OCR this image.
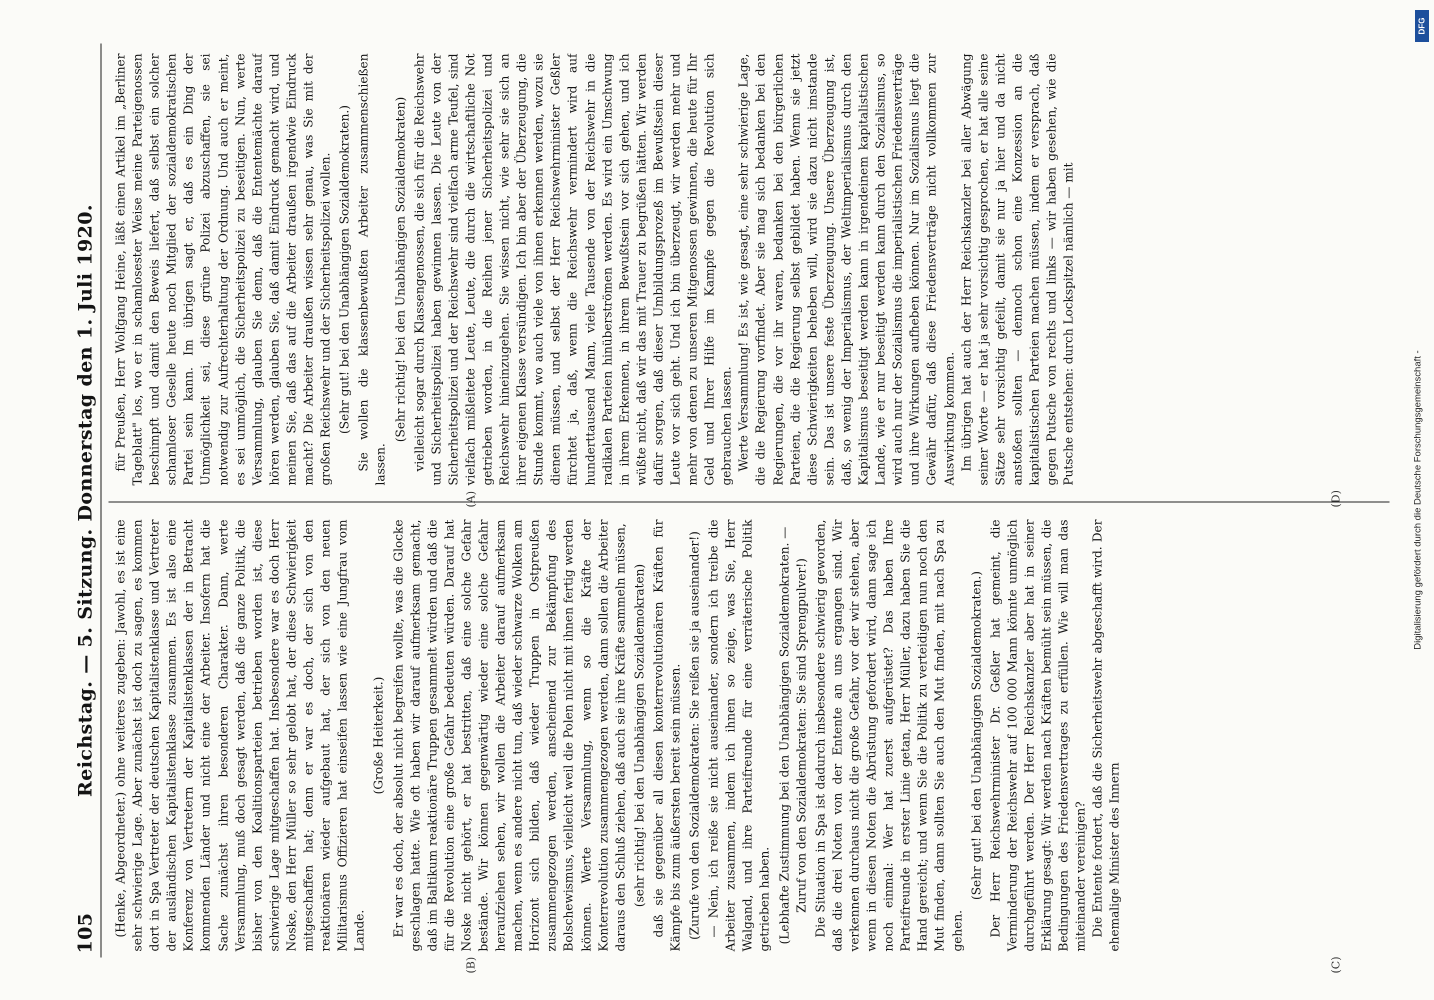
105
Reichstag. — 5. Sitzung. Donnerstag den 1. Juli 1920. (Henke, Abgeordneter.) ohne weiteres zugeben: Jawohl, es ist eine sehr schwierige Lage. Aber zunächst ist doch zu sagen, es kommen dort in Spa Vertreter der deutschen Kapitalistenklasse und Vertreter der ausländischen Kapitalistenklasse zusammen. Es ist also eine Konferenz von Vertretern der Kapitalistenklassen der in Betracht kommenden Länder und nicht eine der Arbeiter. Insofern hat die Sache zunächst ihren besonderen Charakter. Dann, werte Versammlung, muß doch gesagt werden, daß die ganze Politik, die bisher von den Koalitionsparteien betrieben worden ist, diese schwierige Lage mitgeschaffen hat. Insbesondere war es doch Herr Noske, den Herr Müller so sehr gelobt hat, der diese Schwierigkeit mitgeschaffen hat; denn er war es doch, der sich von den reaktionären wieder aufgebaut hat, der sich von den neuen Militarismus Offizieren hat einseifen lassen wie eine Jungfrau vom Lande.

(Große Heiterkeit.) Er war es doch, der absolut nicht begreifen wollte, was die Glocke geschlagen hatte. Wie oft haben wir darauf aufmerksam gemacht, daß im Baltikum reaktionäre Truppen gesammelt würden und daß die für die Revolution eine große Gefahr bedeuten würden. Darauf hat Noske nicht gehört, er hat bestritten, daß eine solche Gefahr bestände. Wir können gegenwärtig wieder eine solche Gefahr heraufziehen sehen, wir wollen die Arbeiter darauf aufmerksam machen, wenn es andere nicht tun, daß wieder schwarze Wolken am Horizont sich bilden, daß wieder Truppen in Ostpreußen zusammengezogen werden, anscheinend zur Bekämpfung des Bolschewismus, vielleicht weil die Polen nicht mit ihnen fertig werden können. Werte Versammlung, wenn so die Kräfte der Konterrevolution zusammengezogen werden, dann sollen die Arbeiter daraus den Schluß ziehen, daß auch sie ihre Kräfte sammeln müssen, (sehr richtig! bei den Unabhängigen Sozialdemokraten) daß sie gegenüber all diesen konterrevolutionären Kräften für Kämpfe bis zum äußersten bereit sein müssen. (Zurufe von den Sozialdemokraten: Sie reißen sie ja auseinander!) — Nein, ich reiße sie nicht auseinander, sondern ich treibe die Arbeiter zusammen, indem ich ihnen so zeige, was Sie, Herr Walgand, und ihre Parteifreunde für eine verräterische Politik getrieben haben. (Lebhafte Zustimmung bei den Unabhängigen Sozialdemokraten. — Zuruf von den Sozialdemokraten: Sie sind Sprengpulver!) Die Situation in Spa ist dadurch insbesondere schwierig geworden, daß die drei Noten von der Entente an uns ergangen sind. Wir verkennen durchaus nicht die große Gefahr, vor der wir stehen, aber wenn in diesen Noten die Abrüstung gefordert wird, dann sage ich noch einmal: Wer hat zuerst aufgerüstet? Das haben Ihre Parteifreunde in erster Linie getan, Herr Müller, dazu haben Sie die Hand gereicht; und wenn Sie die Politik zu verteidigen nun noch den Mut finden, dann sollten Sie auch den Mut finden, mit nach Spa zu gehen.

(Sehr gut! bei den Unabhängigen Sozialdemokraten.) Der Herr Reichswehrminister Dr. Geßler hat gemeint, die Verminderung der Reichswehr auf 100 000 Mann könnte unmöglich durchgeführt werden. Der Herr Reichskanzler aber hat in seiner Erklärung gesagt: Wir werden nach Kräften bemüht sein müssen, die Bedingungen des Friedensvertrages zu erfüllen. Wie will man das miteinander vereinigen? Die Entente fordert, daß die Sicherheitswehr abgeschafft wird. Der ehemalige Minister des Innern

für Preußen, Herr Wolfgang Heine, läßt einen Artikel im „Berliner Tageblatt" los, wo er in schamlosester Weise meine Parteigenossen beschimpft und damit den Beweis liefert, daß selbst ein solcher schamloser Geselle heute noch Mitglied der sozialdemokratischen Partei sein kann. Im übrigen sagt er, daß es ein Ding der Unmöglichkeit sei, diese grüne Polizei abzuschaffen, sie sei notwendig zur Aufrechterhaltung der Ordnung. Und auch er meint, es sei unmöglich, die Sicherheitspolizei zu beseitigen. Nun, werte Versammlung, glauben Sie denn, daß die Ententemächte darauf hören werden, glauben Sie, daß damit Eindruck gemacht wird, und meinen Sie, daß das auf die Arbeiter draußen irgendwie Eindruck macht? Die Arbeiter draußen wissen sehr genau, was Sie mit der großen Reichswehr und der Sicherheitspolizei wollen. (Sehr gut! bei den Unabhängigen Sozialdemokraten.) Sie wollen die klassenbewußten Arbeiter zusammenschießen lassen.

(Sehr richtig! bei den Unabhängigen Sozialdemokraten) vielleicht sogar durch Klassengenossen, die sich für die Reichswehr und Sicherheitspolizei haben gewinnen lassen. Die Leute von der Sicherheitspolizei und der Reichswehr sind vielfach arme Teufel, sind vielfach mißleitete Leute, Leute, die durch die wirtschaftliche Not getrieben worden, in die Reihen jener Sicherheitspolizei und Reichswehr hineinzugehen. Sie wissen nicht, wie sehr sie sich an ihrer eigenen Klasse versündigen. Ich bin aber der Überzeugung, die Stunde kommt, wo auch viele von ihnen erkennen werden, wozu sie dienen müssen, und selbst der Herr Reichswehrminister Geßler fürchtet ja, daß, wenn die Reichswehr vermindert wird auf hunderttausend Mann, viele Tausende von der Reichswehr in die radikalen Parteien hinüberströmen werden. Es wird ein Umschwung in ihrem Erkennen, in ihrem Bewußtsein vor sich gehen, und ich wüßte nicht, daß wir das mit Trauer zu begrüßen hätten. Wir werden dafür sorgen, daß dieser Umbildungsprozeß im Bewußtsein dieser Leute vor sich geht. Und ich bin überzeugt, wir werden mehr und mehr von denen zu unseren Mitgenossen gewinnen, die heute für Ihr Geld und Ihrer Hilfe im Kampfe gegen die Revolution sich gebrauchen lassen. Werte Versammlung! Es ist, wie gesagt, eine sehr schwierige Lage, die die Regierung vorfindet. Aber sie mag sich bedanken bei den Regierungen, die vor ihr waren, bedanken bei den bürgerlichen Parteien, die die Regierung selbst gebildet haben. Wenn sie jetzt diese Schwierigkeiten beheben will, wird sie dazu nicht imstande sein. Das ist unsere feste Überzeugung. Unsere Überzeugung ist, daß, so wenig der Imperialismus, der Weltimperialismus durch den Kapitalismus beseitigt werden kann in irgendeinem kapitalistischen Lande, wie er nur beseitigt werden kann durch den Sozialismus, so wird auch nur der Sozialismus die imperialistischen Friedensverträge und ihre Wirkungen aufheben können. Nur im Sozialismus liegt die Gewähr dafür, daß diese Friedensverträge nicht vollkommen zur Auswirkung kommen. Im übrigen hat auch der Herr Reichskanzler bei aller Abwägung seiner Worte — er hat ja sehr vorsichtig gesprochen, er hat alle seine Sätze sehr vorsichtig gefeilt, damit sie nur ja hier und da nicht anstoßen sollten — dennoch schon eine Konzession an die kapitalistischen Parteien machen müssen, indem er versprach, daß gegen Putsche von rechts und links — wir haben gesehen, wie die Putsche entstehen: durch Lockspitzel nämlich — mit

(A)
(B)	(C)
(D)	Digitalisierung gefördert durch die Deutsche Forschungsgemeinschaft -
DFG
